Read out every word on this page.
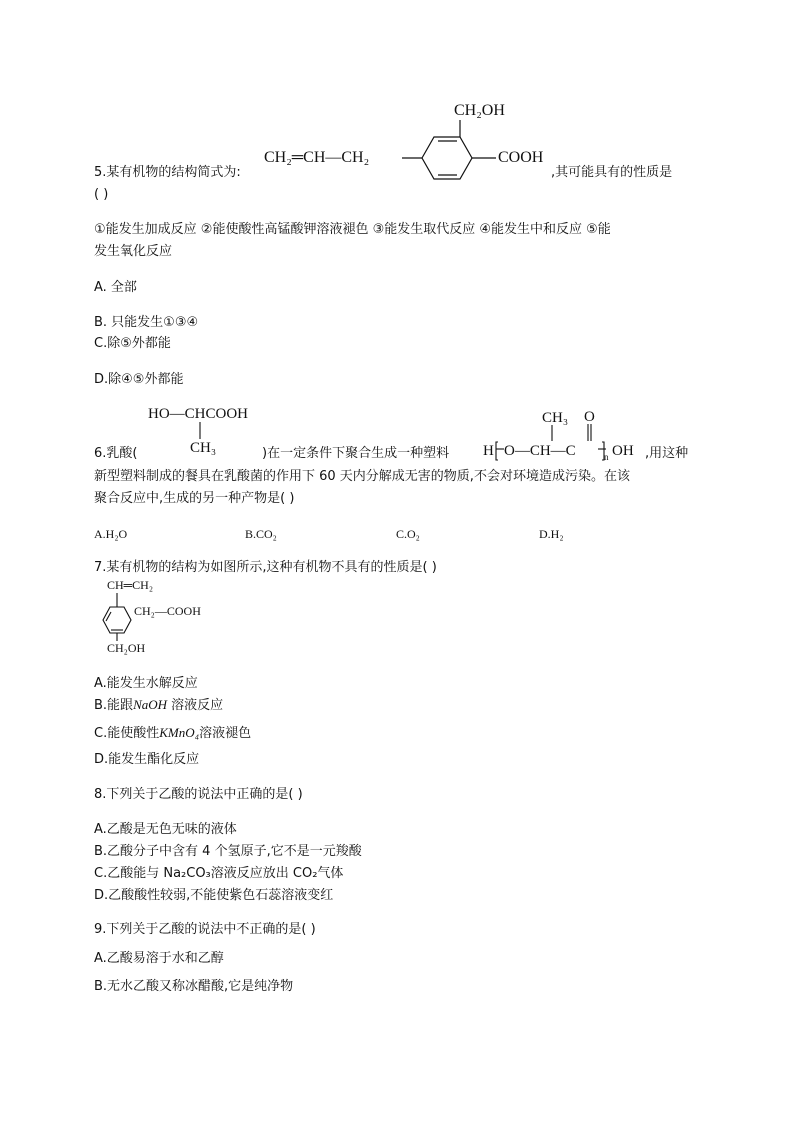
CH₂OH
CH₂═CH—CH₂	COOH
5.某有机物的结构简式为:	,其可能具有的性质是
( )
①能发生加成反应 ②能使酸性高锰酸钾溶液褪色 ③能发生取代反应 ④能发生中和反应 ⑤能
发生氧化反应
A. 全部
B. 只能发生①③④
C.除⑤外都能
D.除④⑤外都能
HO—CHCOOH
CH₃
CH₃ O
H O—CH—C	n OH
6.乳酸(	)在一定条件下聚合生成一种塑料	,用这种
新型塑料制成的餐具在乳酸菌的作用下 60 天内分解成无害的物质,不会对环境造成污染。在该
聚合反应中,生成的另一种产物是( )
A.H₂O	B.CO₂	C.O₂	D.H₂
7.某有机物的结构为如图所示,这种有机物不具有的性质是( )
CH═CH₂
CH₂—COOH
CH₂OH
A.能发生水解反应
B.能跟NaOH 溶液反应
C.能使酸性KMnO₄溶液褪色
D.能发生酯化反应
8.下列关于乙酸的说法中正确的是( )
A.乙酸是无色无味的液体
B.乙酸分子中含有 4 个氢原子,它不是一元羧酸
C.乙酸能与 Na₂CO₃溶液反应放出 CO₂气体
D.乙酸酸性较弱,不能使紫色石蕊溶液变红
9.下列关于乙酸的说法中不正确的是( )
A.乙酸易溶于水和乙醇
B.无水乙酸又称冰醋酸,它是纯净物
